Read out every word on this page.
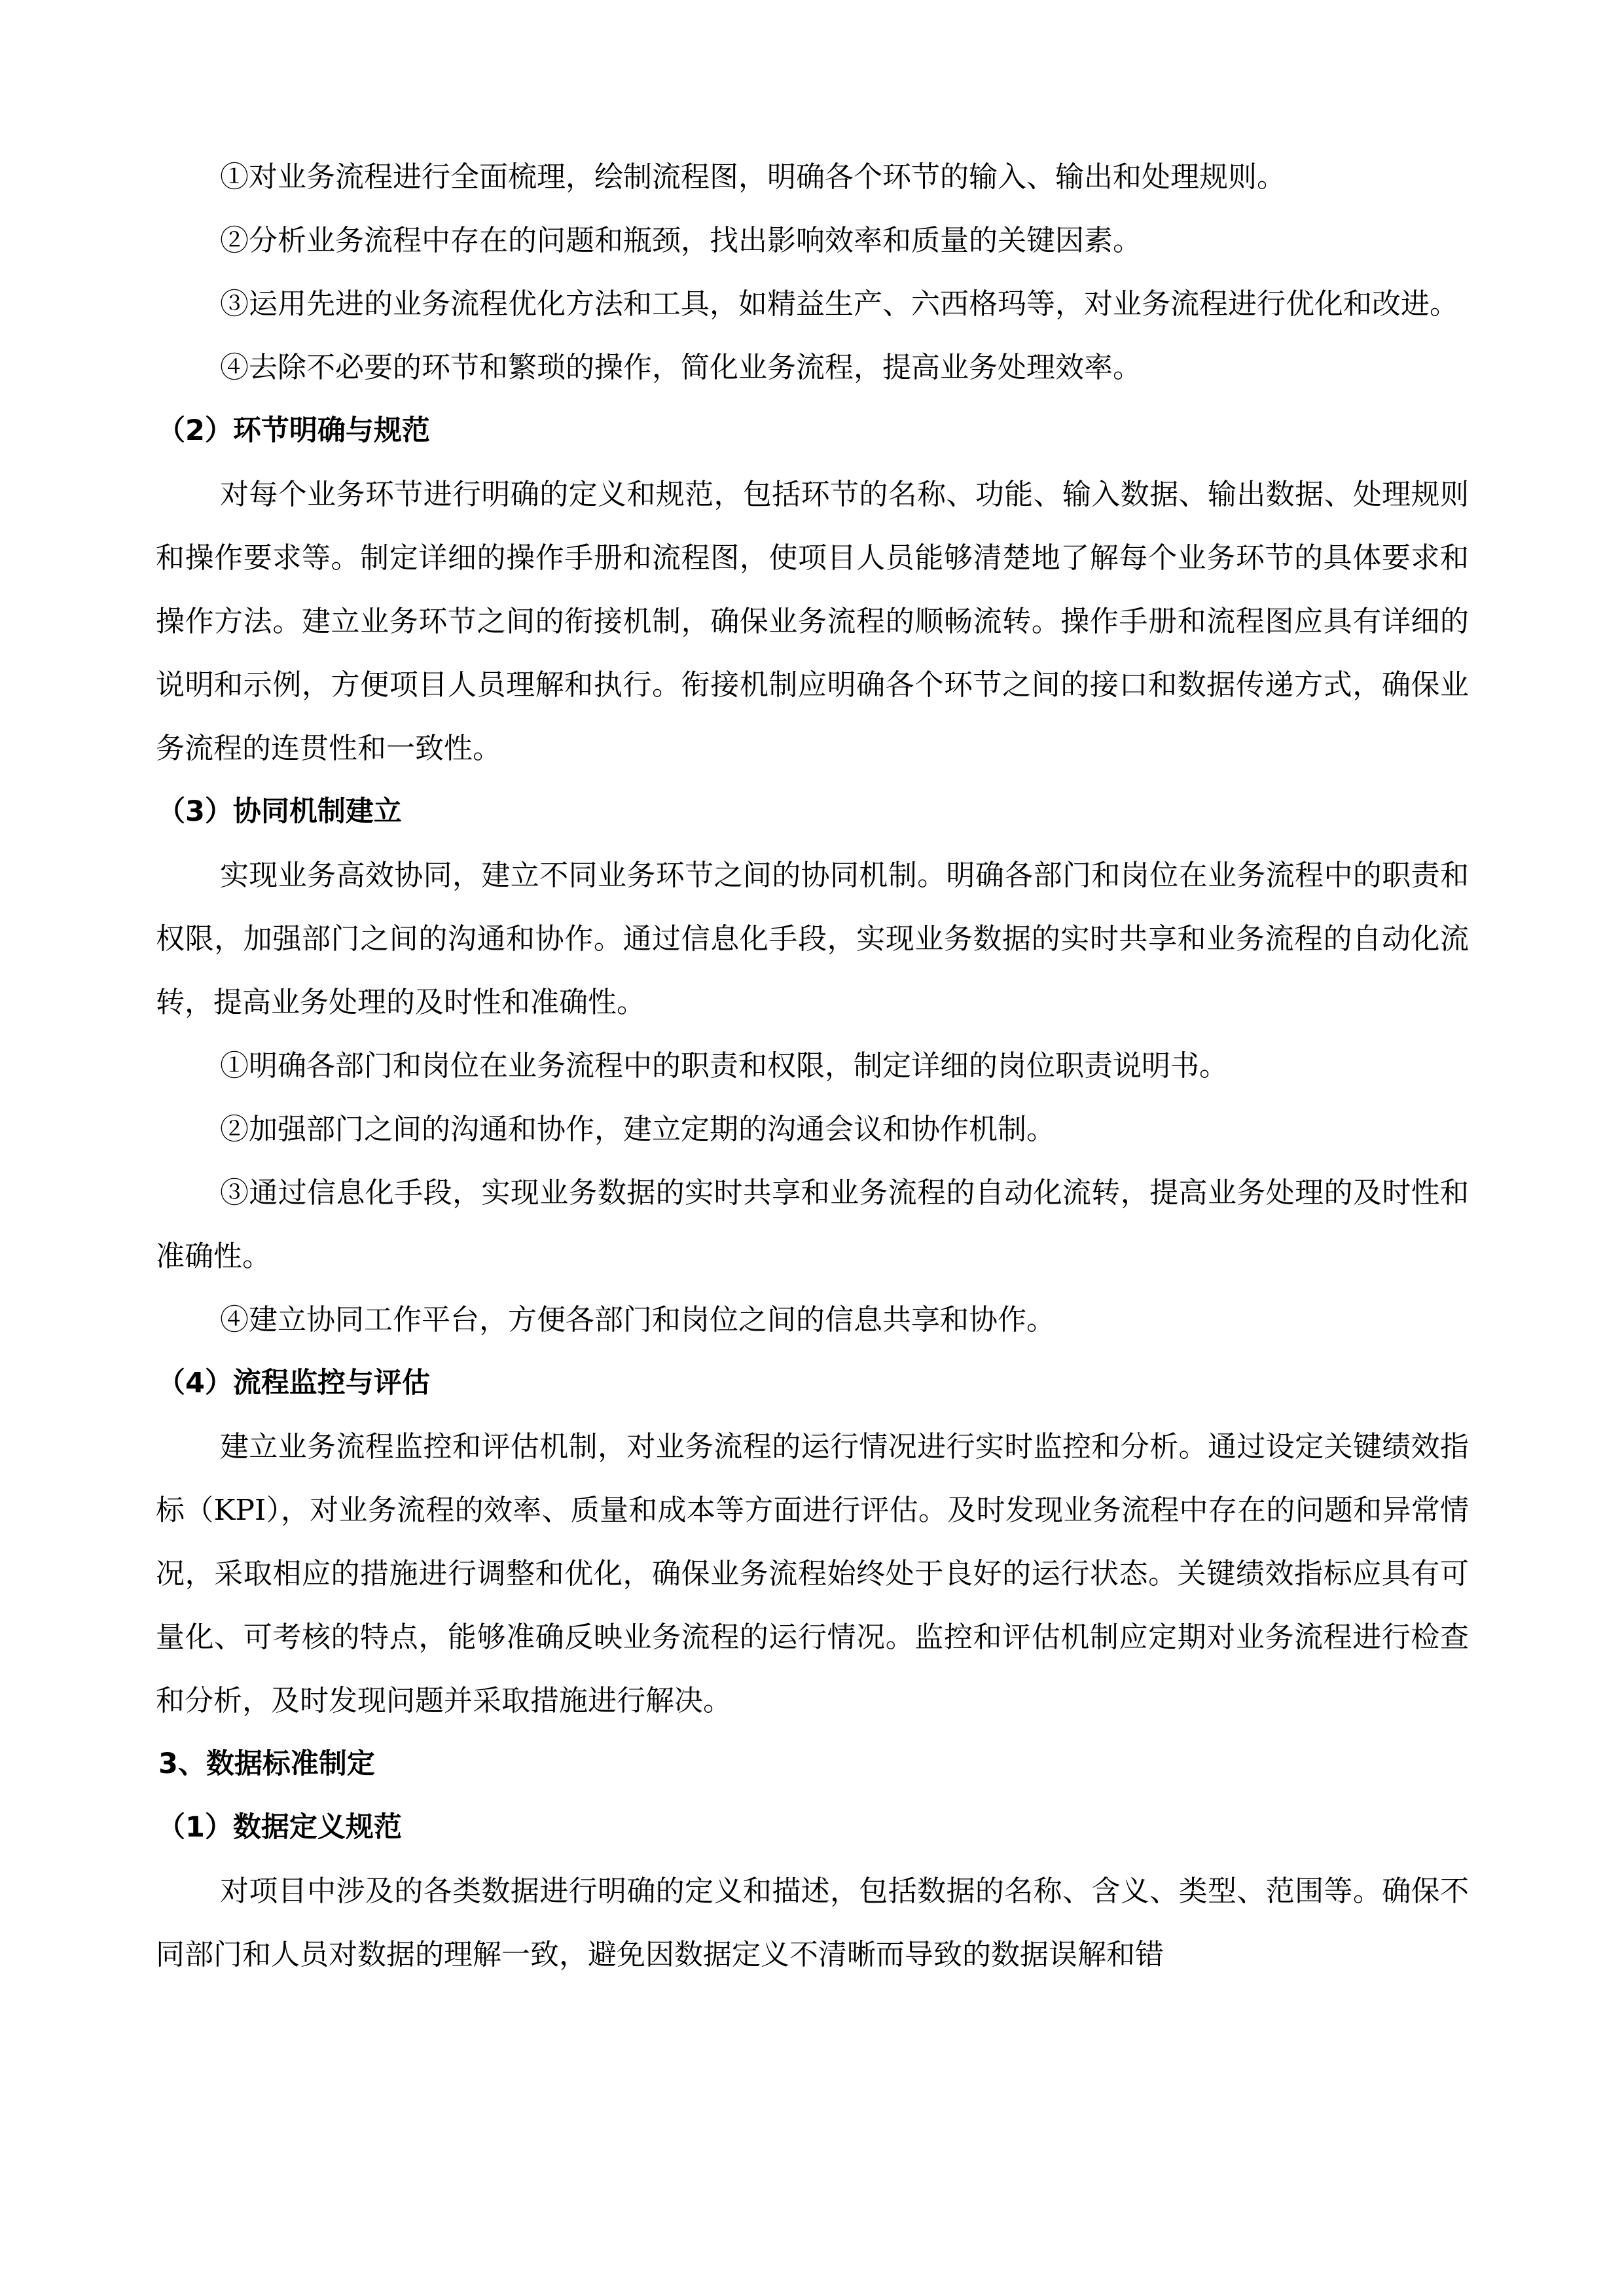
①对业务流程进行全面梳理，绘制流程图，明确各个环节的输入、输出和处理规则。

②分析业务流程中存在的问题和瓶颈，找出影响效率和质量的关键因素。

③运用先进的业务流程优化方法和工具，如精益生产、六西格玛等，对业务流程进行优化和改进。

④去除不必要的环节和繁琐的操作，简化业务流程，提高业务处理效率。

（2）环节明确与规范

对每个业务环节进行明确的定义和规范，包括环节的名称、功能、输入数据、输出数据、处理规则和操作要求等。制定详细的操作手册和流程图，使项目人员能够清楚地了解每个业务环节的具体要求和操作方法。建立业务环节之间的衔接机制，确保业务流程的顺畅流转。操作手册和流程图应具有详细的说明和示例，方便项目人员理解和执行。衔接机制应明确各个环节之间的接口和数据传递方式，确保业务流程的连贯性和一致性。

（3）协同机制建立

实现业务高效协同，建立不同业务环节之间的协同机制。明确各部门和岗位在业务流程中的职责和权限，加强部门之间的沟通和协作。通过信息化手段，实现业务数据的实时共享和业务流程的自动化流转，提高业务处理的及时性和准确性。

①明确各部门和岗位在业务流程中的职责和权限，制定详细的岗位职责说明书。

②加强部门之间的沟通和协作，建立定期的沟通会议和协作机制。

③通过信息化手段，实现业务数据的实时共享和业务流程的自动化流转，提高业务处理的及时性和准确性。

④建立协同工作平台，方便各部门和岗位之间的信息共享和协作。

（4）流程监控与评估

建立业务流程监控和评估机制，对业务流程的运行情况进行实时监控和分析。通过设定关键绩效指标（KPI），对业务流程的效率、质量和成本等方面进行评估。及时发现业务流程中存在的问题和异常情况，采取相应的措施进行调整和优化，确保业务流程始终处于良好的运行状态。关键绩效指标应具有可量化、可考核的特点，能够准确反映业务流程的运行情况。监控和评估机制应定期对业务流程进行检查和分析，及时发现问题并采取措施进行解决。

3、数据标准制定

（1）数据定义规范

对项目中涉及的各类数据进行明确的定义和描述，包括数据的名称、含义、类型、范围等。确保不同部门和人员对数据的理解一致，避免因数据定义不清晰而导致的数据误解和错
